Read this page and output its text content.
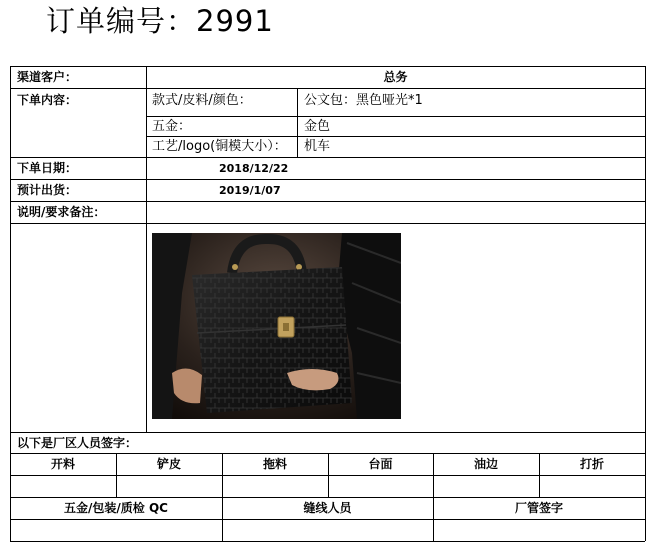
订单编号：2991
渠道客户：	总务
下单内容：	款式/皮料/颜色：	公文包：黑色哑光*1
五金：	金色
工艺/logo(铜模大小）： 机车
下单日期：	2018/12/22
预计出货：	2019/1/07
说明/要求备注：
以下是厂区人员签字：
开料	铲皮	拖料	台面	油边	打折
五金/包装/质检 QC	缝线人员	厂管签字
